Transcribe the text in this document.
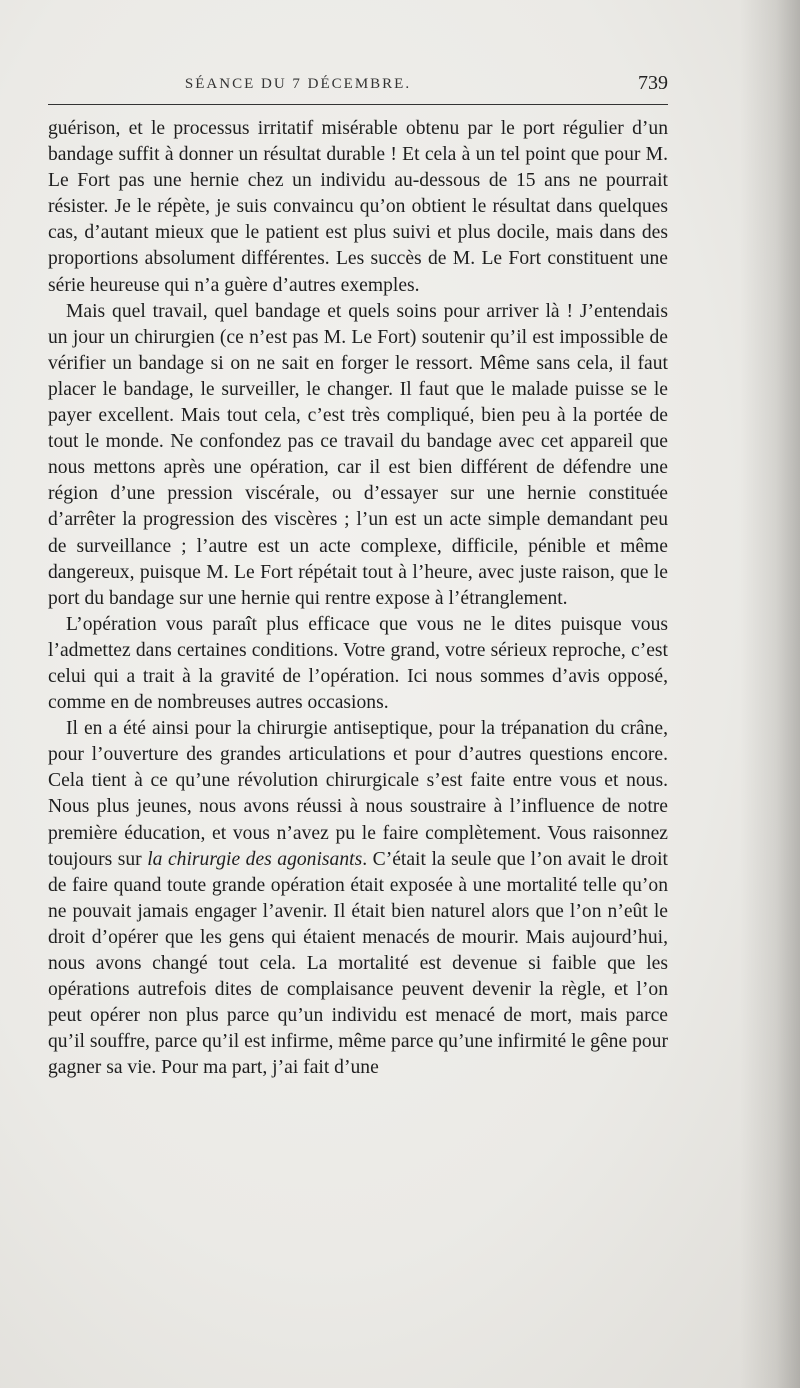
SÉANCE DU 7 DÉCEMBRE.	739

guérison, et le processus irritatif misérable obtenu par le port régulier d’un bandage suffit à donner un résultat durable ! Et cela à un tel point que pour M. Le Fort pas une hernie chez un individu au-dessous de 15 ans ne pourrait résister. Je le répète, je suis convaincu qu’on obtient le résultat dans quelques cas, d’autant mieux que le patient est plus suivi et plus docile, mais dans des proportions absolument différentes. Les succès de M. Le Fort constituent une série heureuse qui n’a guère d’autres exemples.

Mais quel travail, quel bandage et quels soins pour arriver là ! J’entendais un jour un chirurgien (ce n’est pas M. Le Fort) soutenir qu’il est impossible de vérifier un bandage si on ne sait en forger le ressort. Même sans cela, il faut placer le bandage, le surveiller, le changer. Il faut que le malade puisse se le payer excellent. Mais tout cela, c’est très compliqué, bien peu à la portée de tout le monde. Ne confondez pas ce travail du bandage avec cet appareil que nous mettons après une opération, car il est bien différent de défendre une région d’une pression viscérale, ou d’essayer sur une hernie constituée d’arrêter la progression des viscères ; l’un est un acte simple demandant peu de surveillance ; l’autre est un acte complexe, difficile, pénible et même dangereux, puisque M. Le Fort répétait tout à l’heure, avec juste raison, que le port du bandage sur une hernie qui rentre expose à l’étranglement.

L’opération vous paraît plus efficace que vous ne le dites puisque vous l’admettez dans certaines conditions. Votre grand, votre sérieux reproche, c’est celui qui a trait à la gravité de l’opération. Ici nous sommes d’avis opposé, comme en de nombreuses autres occasions.

Il en a été ainsi pour la chirurgie antiseptique, pour la trépanation du crâne, pour l’ouverture des grandes articulations et pour d’autres questions encore. Cela tient à ce qu’une révolution chirurgicale s’est faite entre vous et nous. Nous plus jeunes, nous avons réussi à nous soustraire à l’influence de notre première éducation, et vous n’avez pu le faire complètement. Vous raisonnez toujours sur la chirurgie des agonisants. C’était la seule que l’on avait le droit de faire quand toute grande opération était exposée à une mortalité telle qu’on ne pouvait jamais engager l’avenir. Il était bien naturel alors que l’on n’eût le droit d’opérer que les gens qui étaient menacés de mourir. Mais aujourd’hui, nous avons changé tout cela. La mortalité est devenue si faible que les opérations autrefois dites de complaisance peuvent devenir la règle, et l’on peut opérer non plus parce qu’un individu est menacé de mort, mais parce qu’il souffre, parce qu’il est infirme, même parce qu’une infirmité le gêne pour gagner sa vie. Pour ma part, j’ai fait d’une
